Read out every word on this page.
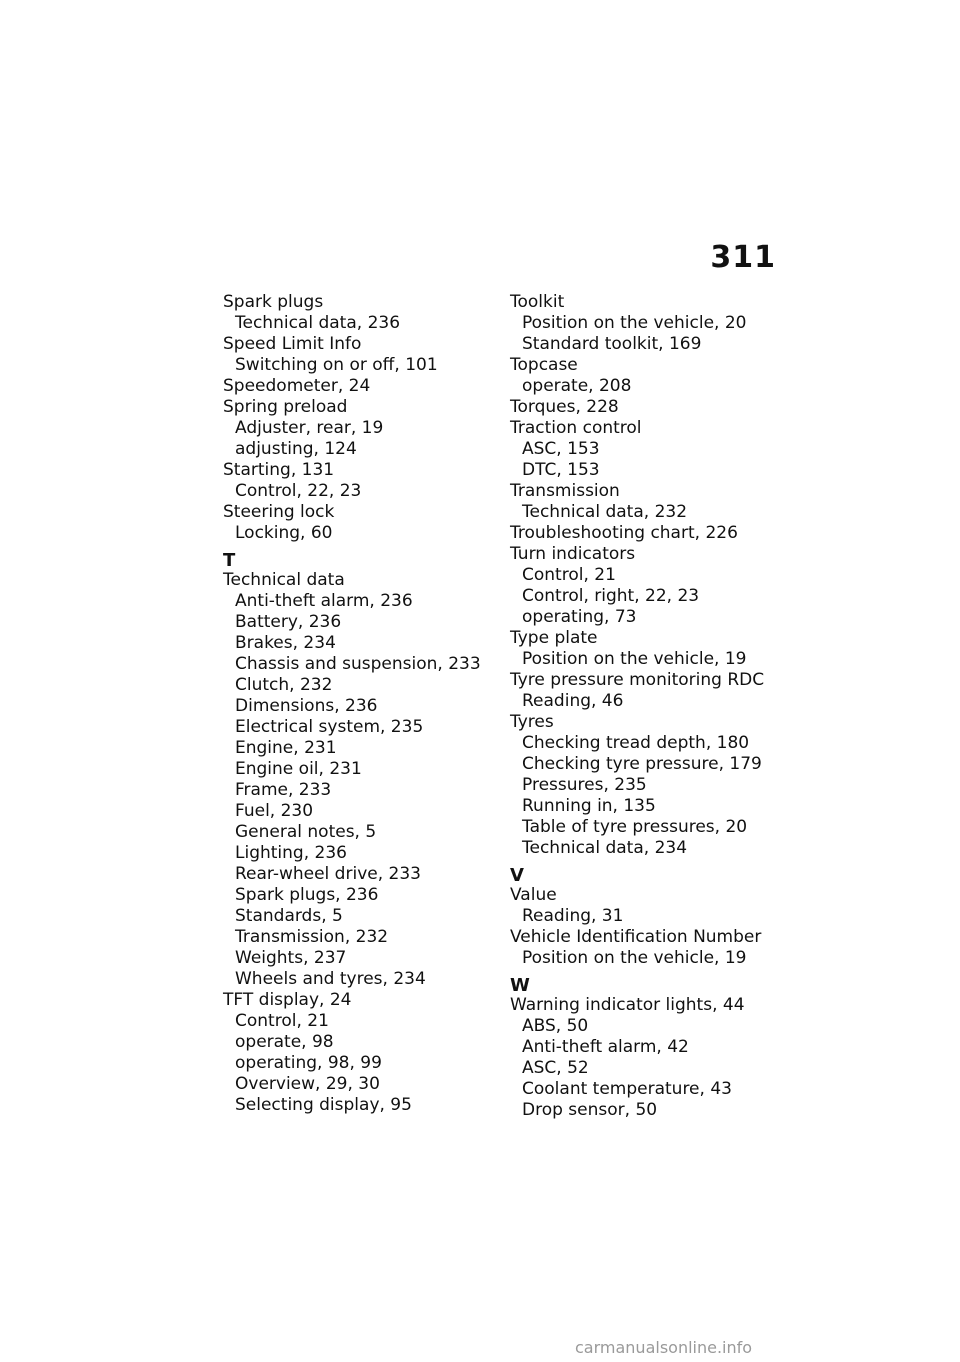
311
Spark plugs
Technical data, 236
Speed Limit Info
Switching on or off, 101
Speedometer, 24
Spring preload
Adjuster, rear, 19
adjusting, 124
Starting, 131
Control, 22, 23
Steering lock
Locking, 60
T
Technical data
Anti-theft alarm, 236
Battery, 236
Brakes, 234
Chassis and suspension, 233
Clutch, 232
Dimensions, 236
Electrical system, 235
Engine, 231
Engine oil, 231
Frame, 233
Fuel, 230
General notes, 5
Lighting, 236
Rear-wheel drive, 233
Spark plugs, 236
Standards, 5
Transmission, 232
Weights, 237
Wheels and tyres, 234
TFT display, 24
Control, 21
operate, 98
operating, 98, 99
Overview, 29, 30
Selecting display, 95
Toolkit
Position on the vehicle, 20
Standard toolkit, 169
Topcase
operate, 208
Torques, 228
Traction control
ASC, 153
DTC, 153
Transmission
Technical data, 232
Troubleshooting chart, 226
Turn indicators
Control, 21
Control, right, 22, 23
operating, 73
Type plate
Position on the vehicle, 19
Tyre pressure monitoring RDC
Reading, 46
Tyres
Checking tread depth, 180
Checking tyre pressure, 179
Pressures, 235
Running in, 135
Table of tyre pressures, 20
Technical data, 234
V
Value
Reading, 31
Vehicle Identification Number
Position on the vehicle, 19
W
Warning indicator lights, 44
ABS, 50
Anti-theft alarm, 42
ASC, 52
Coolant temperature, 43
Drop sensor, 50
carmanualsonline.info
